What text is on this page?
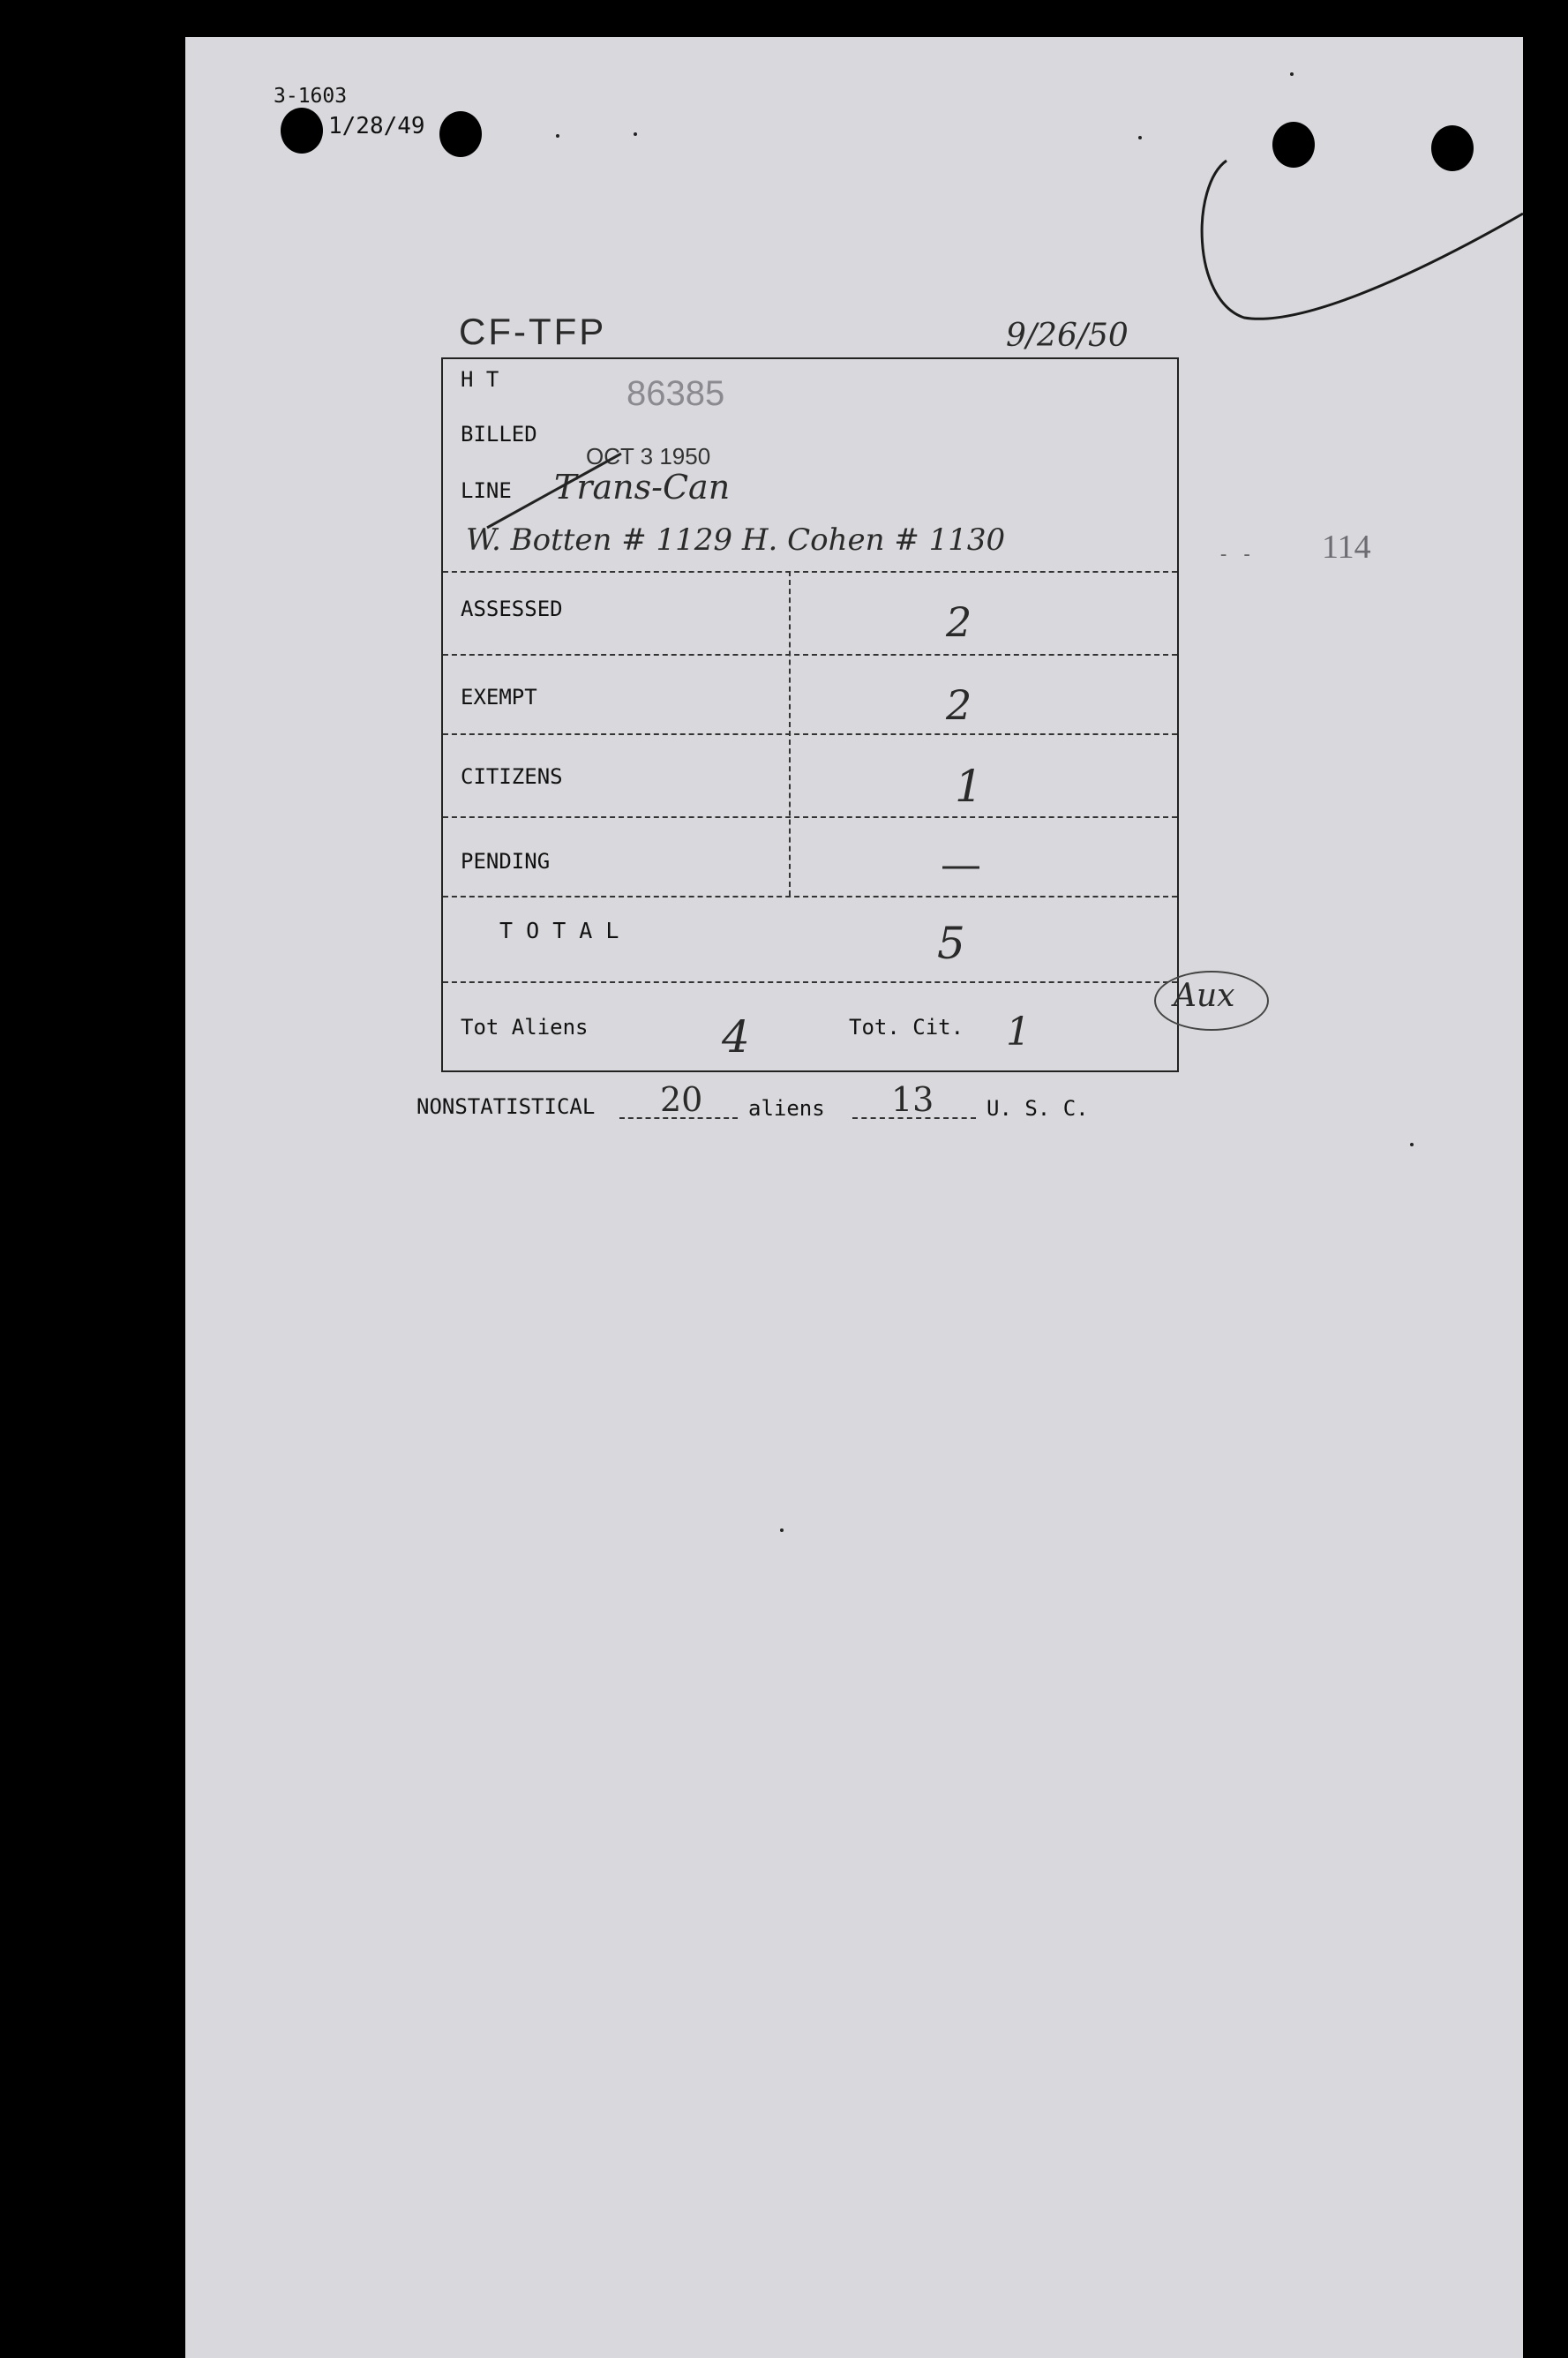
3-1603
1/28/49
CF-TFP	9/26/50
H T	86385
BILLED
OCT 3 1950
LINE Trans-Can
W. Botten # 1129 H. Cohen # 1130
ASSESSED	2
EXEMPT	2
CITIZENS	1
PENDING	—
T O T A L	5
Tot Aliens	4	Tot. Cit. 1
Aux
NONSTATISTICAL 20 aliens 13 U. S. C.
- - 114
